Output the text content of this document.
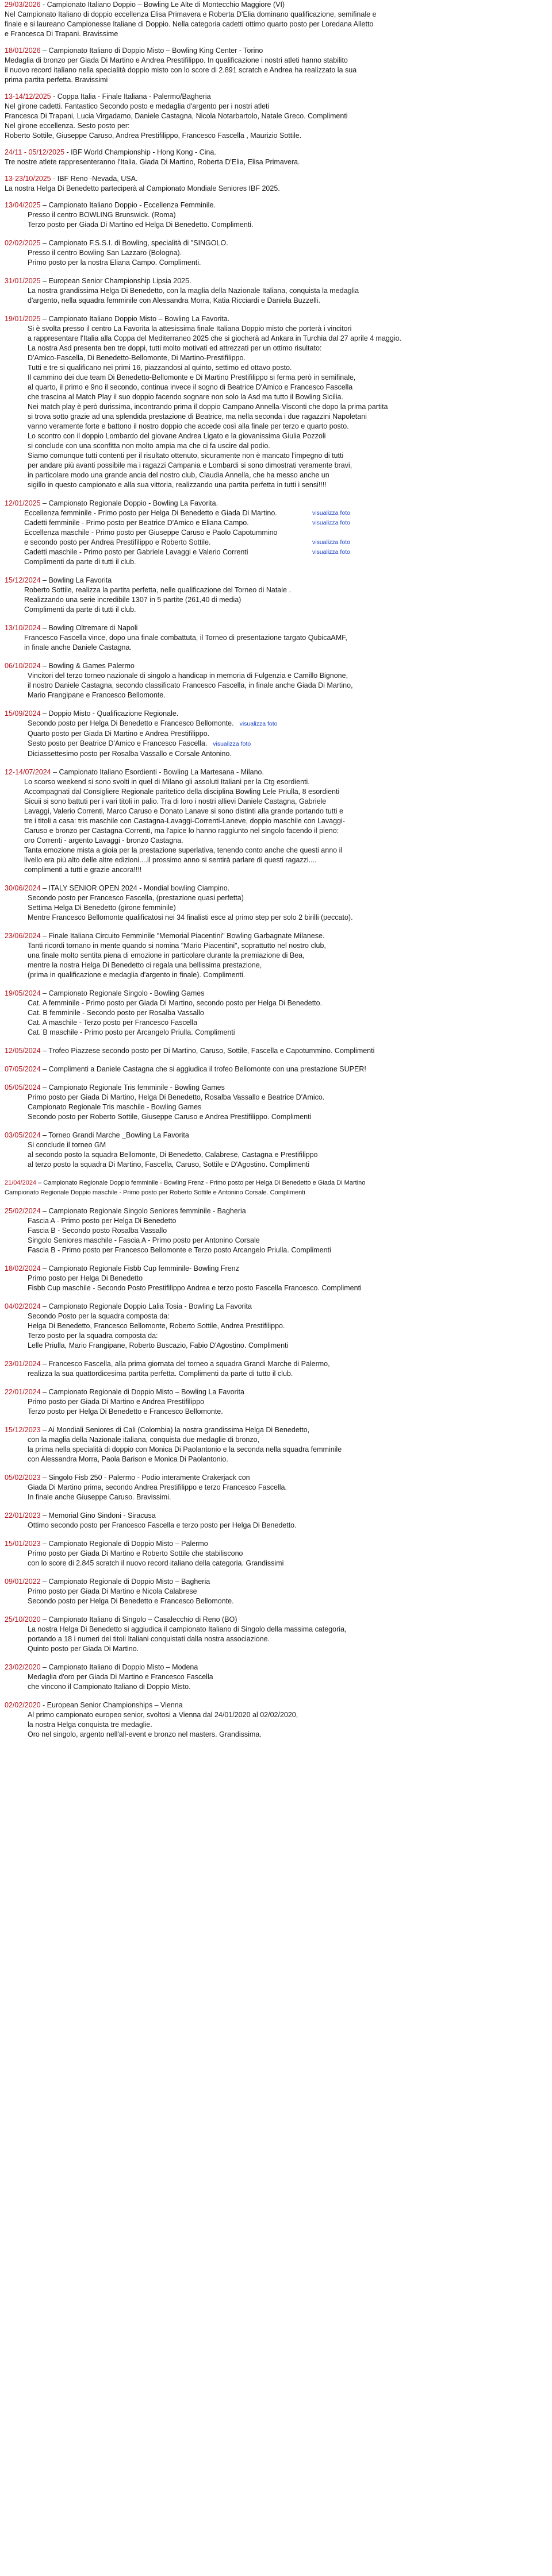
29/03/2026 - Campionato Italiano Doppio – Bowling Le Alte di Montecchio Maggiore (VI)

Nel Campionato Italiano di doppio eccellenza Elisa Primavera e Roberta D'Elia dominano qualificazione, semifinale e

finale e si laureano Campionesse Italiane di Doppio. Nella categoria cadetti ottimo quarto posto per Loredana Alletto

e Francesca Di Trapani. Bravissime

18/01/2026 – Campionato Italiano di Doppio Misto – Bowling King Center - Torino

Medaglia di bronzo per Giada Di Martino e Andrea Prestifilippo. In qualificazione i nostri atleti hanno stabilito

il nuovo record italiano nella specialità doppio misto con lo score di 2.891 scratch e Andrea ha realizzato la sua

prima partita perfetta. Bravissimi

13-14/12/2025 - Coppa Italia - Finale Italiana - Palermo/Bagheria

Nel girone cadetti. Fantastico Secondo posto e medaglia d'argento per i nostri atleti

Francesca Di Trapani, Lucia Virgadamo, Daniele Castagna, Nicola Notarbartolo, Natale Greco. Complimenti

Nel girone eccellenza. Sesto posto per:

Roberto Sottile, Giuseppe Caruso, Andrea Prestifilippo, Francesco Fascella , Maurizio Sottile.

24/11 - 05/12/2025 - IBF World Championship - Hong Kong - Cina.

Tre nostre atlete rappresenteranno l'Italia. Giada Di Martino, Roberta D'Elia, Elisa Primavera.

13-23/10/2025 - IBF Reno -Nevada, USA.

La nostra Helga Di Benedetto parteciperà al Campionato Mondiale Seniores IBF 2025.

13/04/2025 – Campionato Italiano Doppio - Eccellenza Femminile.

Presso il centro BOWLING Brunswick. (Roma)

Terzo posto per Giada Di Martino ed Helga Di Benedetto. Complimenti.

02/02/2025 – Campionato F.S.S.I. di Bowling, specialità di "SINGOLO.

Presso il centro Bowling San Lazzaro (Bologna).

Primo posto per la nostra Eliana Campo. Complimenti.

31/01/2025 – European Senior Championship Lipsia 2025.

La nostra grandissima Helga Di Benedetto, con la maglia della Nazionale Italiana, conquista la medaglia

d'argento, nella squadra femminile con Alessandra Morra, Katia Ricciardi e Daniela Buzzelli.

19/01/2025 – Campionato Italiano Doppio Misto – Bowling La Favorita.

Si è svolta presso il centro La Favorita la attesissima finale Italiana Doppio misto che porterà i vincitori

a rappresentare l'Italia alla Coppa del Mediterraneo 2025 che si giocherà ad Ankara in Turchia dal 27 aprile 4 maggio.

La nostra Asd presenta ben tre doppi, tutti molto motivati ed attrezzati per un ottimo risultato:

D'Amico-Fascella, Di Benedetto-Bellomonte, Di Martino-Prestifilippo.

Tutti e tre si qualificano nei primi 16, piazzandosi al quinto, settimo ed ottavo posto.

Il cammino dei due team Di Benedetto-Bellomonte e Di Martino Prestifilippo si ferma però in semifinale,

al quarto, il primo e 9no il secondo, continua invece il sogno di Beatrice D'Amico e Francesco Fascella

che trascina al Match Play il suo doppio facendo sognare non solo la Asd ma tutto il Bowling Sicilia.

Nei match play è però durissima, incontrando prima il doppio Campano Annella-Visconti che dopo la prima partita

si trova sotto grazie ad una splendida prestazione di Beatrice, ma nella seconda i due ragazzini Napoletani

vanno veramente forte e battono il nostro doppio che accede così alla finale per terzo e quarto posto.

Lo scontro con il doppio Lombardo del giovane Andrea Ligato e la giovanissima Giulia Pozzoli

si conclude con una sconfitta non molto ampia ma che ci fa uscire dal podio.

Siamo comunque tutti contenti per il risultato ottenuto, sicuramente non è mancato l'impegno di tutti

per andare più avanti possibile ma i ragazzi Campania e Lombardi si sono dimostrati veramente bravi,

in particolare modo una grande ancia del nostro club, Claudia Annella, che ha messo anche un

sigillo in questo campionato e alla sua vittoria, realizzando una partita perfetta in tutti i sensi!!!!

12/01/2025 – Campionato Regionale Doppio - Bowling La Favorita.

Eccellenza femminile - Primo posto per Helga Di Benedetto e Giada Di Martino.	visualizza foto

Cadetti femminile - Primo posto per Beatrice D'Amico e Eliana Campo.	visualizza foto

Eccellenza maschile - Primo posto per Giuseppe Caruso e Paolo Capotummino

e secondo posto per Andrea Prestifilippo e Roberto Sottile.	visualizza foto

Cadetti maschile - Primo posto per Gabriele Lavaggi e Valerio Correnti	visualizza foto

Complimenti da parte di tutti il club.

15/12/2024 – Bowling La Favorita

Roberto Sottile, realizza la partita perfetta, nelle qualificazione del Torneo di Natale .

Realizzando una serie incredibile 1307 in 5 partite (261,40 di media)

Complimenti da parte di tutti il club.

13/10/2024 – Bowling Oltremare di Napoli

Francesco Fascella vince, dopo una finale combattuta, il Torneo di presentazione targato QubicaAMF,

in finale anche Daniele Castagna.

06/10/2024 – Bowling & Games Palermo

Vincitori del terzo torneo nazionale di singolo a handicap in memoria di Fulgenzia e Camillo Bignone,

il nostro Daniele Castagna, secondo classificato Francesco Fascella, in finale anche Giada Di Martino,

Mario Frangipane e Francesco Bellomonte.

15/09/2024 – Doppio Misto - Qualificazione Regionale.

Secondo posto per Helga Di Benedetto e Francesco Bellomonte. visualizza foto

Quarto posto per Giada Di Martino e Andrea Prestifilippo.

Sesto posto per Beatrice D'Amico e Francesco Fascella. visualizza foto

Diciassettesimo posto per Rosalba Vassallo e Corsale Antonino.

12-14/07/2024 – Campionato Italiano Esordienti - Bowling La Martesana - Milano.

Lo scorso weekend si sono svolti in quel di Milano gli assoluti Italiani per la Ctg esordienti.

Accompagnati dal Consigliere Regionale paritetico della disciplina Bowling Lele Priulla, 8 esordienti

Sicuii si sono battuti per i vari titoli in palio. Tra di loro i nostri allievi Daniele Castagna, Gabriele

Lavaggi, Valerio Correnti, Marco Caruso e Donato Lanave si sono distinti alla grande portando tutti e

tre i titoli a casa: tris maschile con Castagna-Lavaggi-Correnti-Laneve, doppio maschile con Lavaggi-

Caruso e bronzo per Castagna-Correnti, ma l'apice lo hanno raggiunto nel singolo facendo il pieno:

oro Correnti - argento Lavaggi - bronzo Castagna.

Tanta emozione mista a gioia per la prestazione superlativa, tenendo conto anche che questi anno il

livello era più alto delle altre edizioni....il prossimo anno si sentirà parlare di questi ragazzi....

complimenti a tutti e grazie ancora!!!!

30/06/2024 – ITALY SENIOR OPEN 2024 - Mondial bowling Ciampino.

Secondo posto per Francesco Fascella, (prestazione quasi perfetta)

Settima Helga Di Benedetto (girone femminile)

Mentre Francesco Bellomonte qualificatosi nei 34 finalisti esce al primo step per solo 2 birilli (peccato).

23/06/2024 – Finale Italiana Circuito Femminile "Memorial Piacentini" Bowling Garbagnate Milanese.

Tanti ricordi tornano in mente quando si nomina "Mario Piacentini", soprattutto nel nostro club,

una finale molto sentita piena di emozione in particolare durante la premiazione di Bea,

mentre la nostra Helga Di Benedetto ci regala una bellissima prestazione,

(prima in qualificazione e medaglia d'argento in finale). Complimenti.

19/05/2024 – Campionato Regionale Singolo - Bowling Games

Cat. A femminile - Primo posto per Giada Di Martino, secondo posto per Helga Di Benedetto.

Cat. B femminile - Secondo posto per Rosalba Vassallo

Cat. A maschile - Terzo posto per Francesco Fascella

Cat. B maschile - Primo posto per Arcangelo Priulla. Complimenti

12/05/2024 – Trofeo Piazzese secondo posto per Di Martino, Caruso, Sottile, Fascella e Capotummino. Complimenti

07/05/2024 – Complimenti a Daniele Castagna che si aggiudica il trofeo Bellomonte con una prestazione SUPER!

05/05/2024 – Campionato Regionale Tris femminile - Bowling Games

Primo posto per Giada Di Martino, Helga Di Benedetto, Rosalba Vassallo e Beatrice D'Amico.

Campionato Regionale Tris maschile - Bowling Games

Secondo posto per Roberto Sottile, Giuseppe Caruso e Andrea Prestifilippo. Complimenti

03/05/2024 – Torneo Grandi Marche _Bowling La Favorita

Si conclude il torneo GM

al secondo posto la squadra Bellomonte, Di Benedetto, Calabrese, Castagna e Prestifilippo

al terzo posto la squadra Di Martino, Fascella, Caruso, Sottile e D'Agostino. Complimenti

21/04/2024 – Campionato Regionale Doppio femminile - Bowling Frenz - Primo posto per Helga Di Benedetto e Giada Di Martino

Campionato Regionale Doppio maschile - Primo posto per Roberto Sottile e Antonino Corsale. Complimenti

25/02/2024 – Campionato Regionale Singolo Seniores femminile - Bagheria

Fascia A - Primo posto per Helga Di Benedetto

Fascia B - Secondo posto Rosalba Vassallo

Singolo Seniores maschile - Fascia A - Primo posto per Antonino Corsale

Fascia B - Primo posto per Francesco Bellomonte e Terzo posto Arcangelo Priulla. Complimenti

18/02/2024 – Campionato Regionale Fisbb Cup femminile- Bowling Frenz

Primo posto per Helga Di Benedetto

Fisbb Cup maschile - Secondo Posto Prestifilippo Andrea e terzo posto Fascella Francesco. Complimenti

04/02/2024 – Campionato Regionale Doppio Lalia Tosia - Bowling La Favorita

Secondo Posto per la squadra composta da:

Helga Di Benedetto, Francesco Bellomonte, Roberto Sottile, Andrea Prestifilippo.

Terzo posto per la squadra composta da:

Lelle Priulla, Mario Frangipane, Roberto Buscazio, Fabio D'Agostino. Complimenti

23/01/2024 – Francesco Fascella, alla prima giornata del torneo a squadra Grandi Marche di Palermo,

realizza la sua quattordicesima partita perfetta. Complimenti da parte di tutto il club.

22/01/2024 – Campionato Regionale di Doppio Misto – Bowling La Favorita

Primo posto per Giada Di Martino e Andrea Prestifilippo

Terzo posto per Helga Di Benedetto e Francesco Bellomonte.

15/12/2023 – Ai Mondiali Seniores di Cali (Colombia) la nostra grandissima Helga Di Benedetto,

con la maglia della Nazionale italiana, conquista due medaglie di bronzo,

la prima nella specialità di doppio con Monica Di Paolantonio e la seconda nella squadra femminile

con Alessandra Morra, Paola Barison e Monica Di Paolantonio.

05/02/2023 – Singolo Fisb 250 - Palermo - Podio interamente Crakerjack con

Giada Di Martino prima, secondo Andrea Prestifilippo e terzo Francesco Fascella.

In finale anche Giuseppe Caruso. Bravissimi.

22/01/2023 – Memorial Gino Sindoni - Siracusa

Ottimo secondo posto per Francesco Fascella e terzo posto per Helga Di Benedetto.

15/01/2023 – Campionato Regionale di Doppio Misto – Palermo

Primo posto per Giada Di Martino e Roberto Sottile che stabiliscono

con lo score di 2.845 scratch il nuovo record italiano della categoria. Grandissimi

09/01/2022 – Campionato Regionale di Doppio Misto – Bagheria

Primo posto per Giada Di Martino e Nicola Calabrese

Secondo posto per Helga Di Benedetto e Francesco Bellomonte.

25/10/2020 – Campionato Italiano di Singolo – Casalecchio di Reno (BO)

La nostra Helga Di Benedetto si aggiudica il campionato Italiano di Singolo della massima categoria,

portando a 18 i numeri dei titoli Italiani conquistati dalla nostra associazione.

Quinto posto per Giada Di Martino.

23/02/2020 – Campionato Italiano di Doppio Misto – Modena

Medaglia d'oro per Giada Di Martino e Francesco Fascella

che vincono il Campionato Italiano di Doppio Misto.

02/02/2020 - European Senior Championships – Vienna

Al primo campionato europeo senior, svoltosi a Vienna dal 24/01/2020 al 02/02/2020,

la nostra Helga conquista tre medaglie.

Oro nel singolo, argento nell'all-event e bronzo nel masters. Grandissima.
